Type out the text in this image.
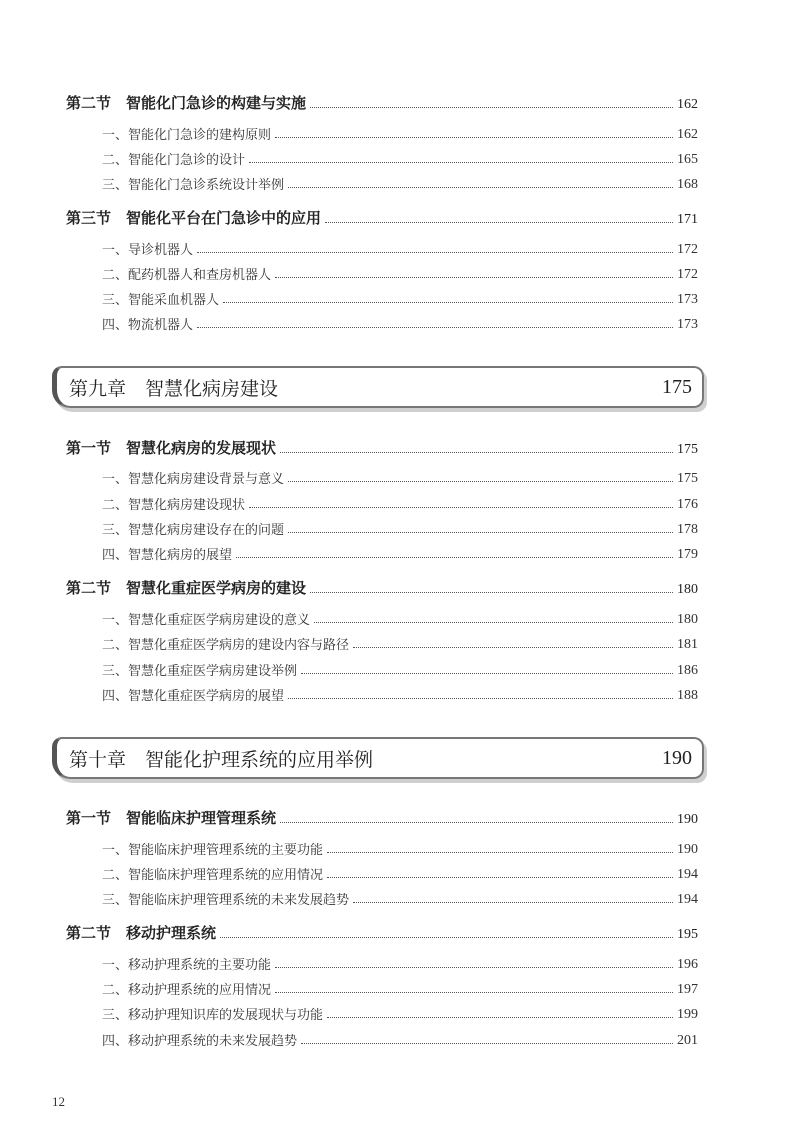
第二节　智能化门急诊的构建与实施	162
一、智能化门急诊的建构原则	162
二、智能化门急诊的设计	165
三、智能化门急诊系统设计举例	168
第三节　智能化平台在门急诊中的应用	171
一、导诊机器人	172
二、配药机器人和查房机器人	172
三、智能采血机器人	173
四、物流机器人	173
第九章　智慧化病房建设	175
第一节　智慧化病房的发展现状	175
一、智慧化病房建设背景与意义	175
二、智慧化病房建设现状	176
三、智慧化病房建设存在的问题	178
四、智慧化病房的展望	179
第二节　智慧化重症医学病房的建设	180
一、智慧化重症医学病房建设的意义	180
二、智慧化重症医学病房的建设内容与路径	181
三、智慧化重症医学病房建设举例	186
四、智慧化重症医学病房的展望	188
第十章　智能化护理系统的应用举例	190
第一节　智能临床护理管理系统	190
一、智能临床护理管理系统的主要功能	190
二、智能临床护理管理系统的应用情况	194
三、智能临床护理管理系统的未来发展趋势	194
第二节　移动护理系统	195
一、移动护理系统的主要功能	196
二、移动护理系统的应用情况	197
三、移动护理知识库的发展现状与功能	199
四、移动护理系统的未来发展趋势	201
12
